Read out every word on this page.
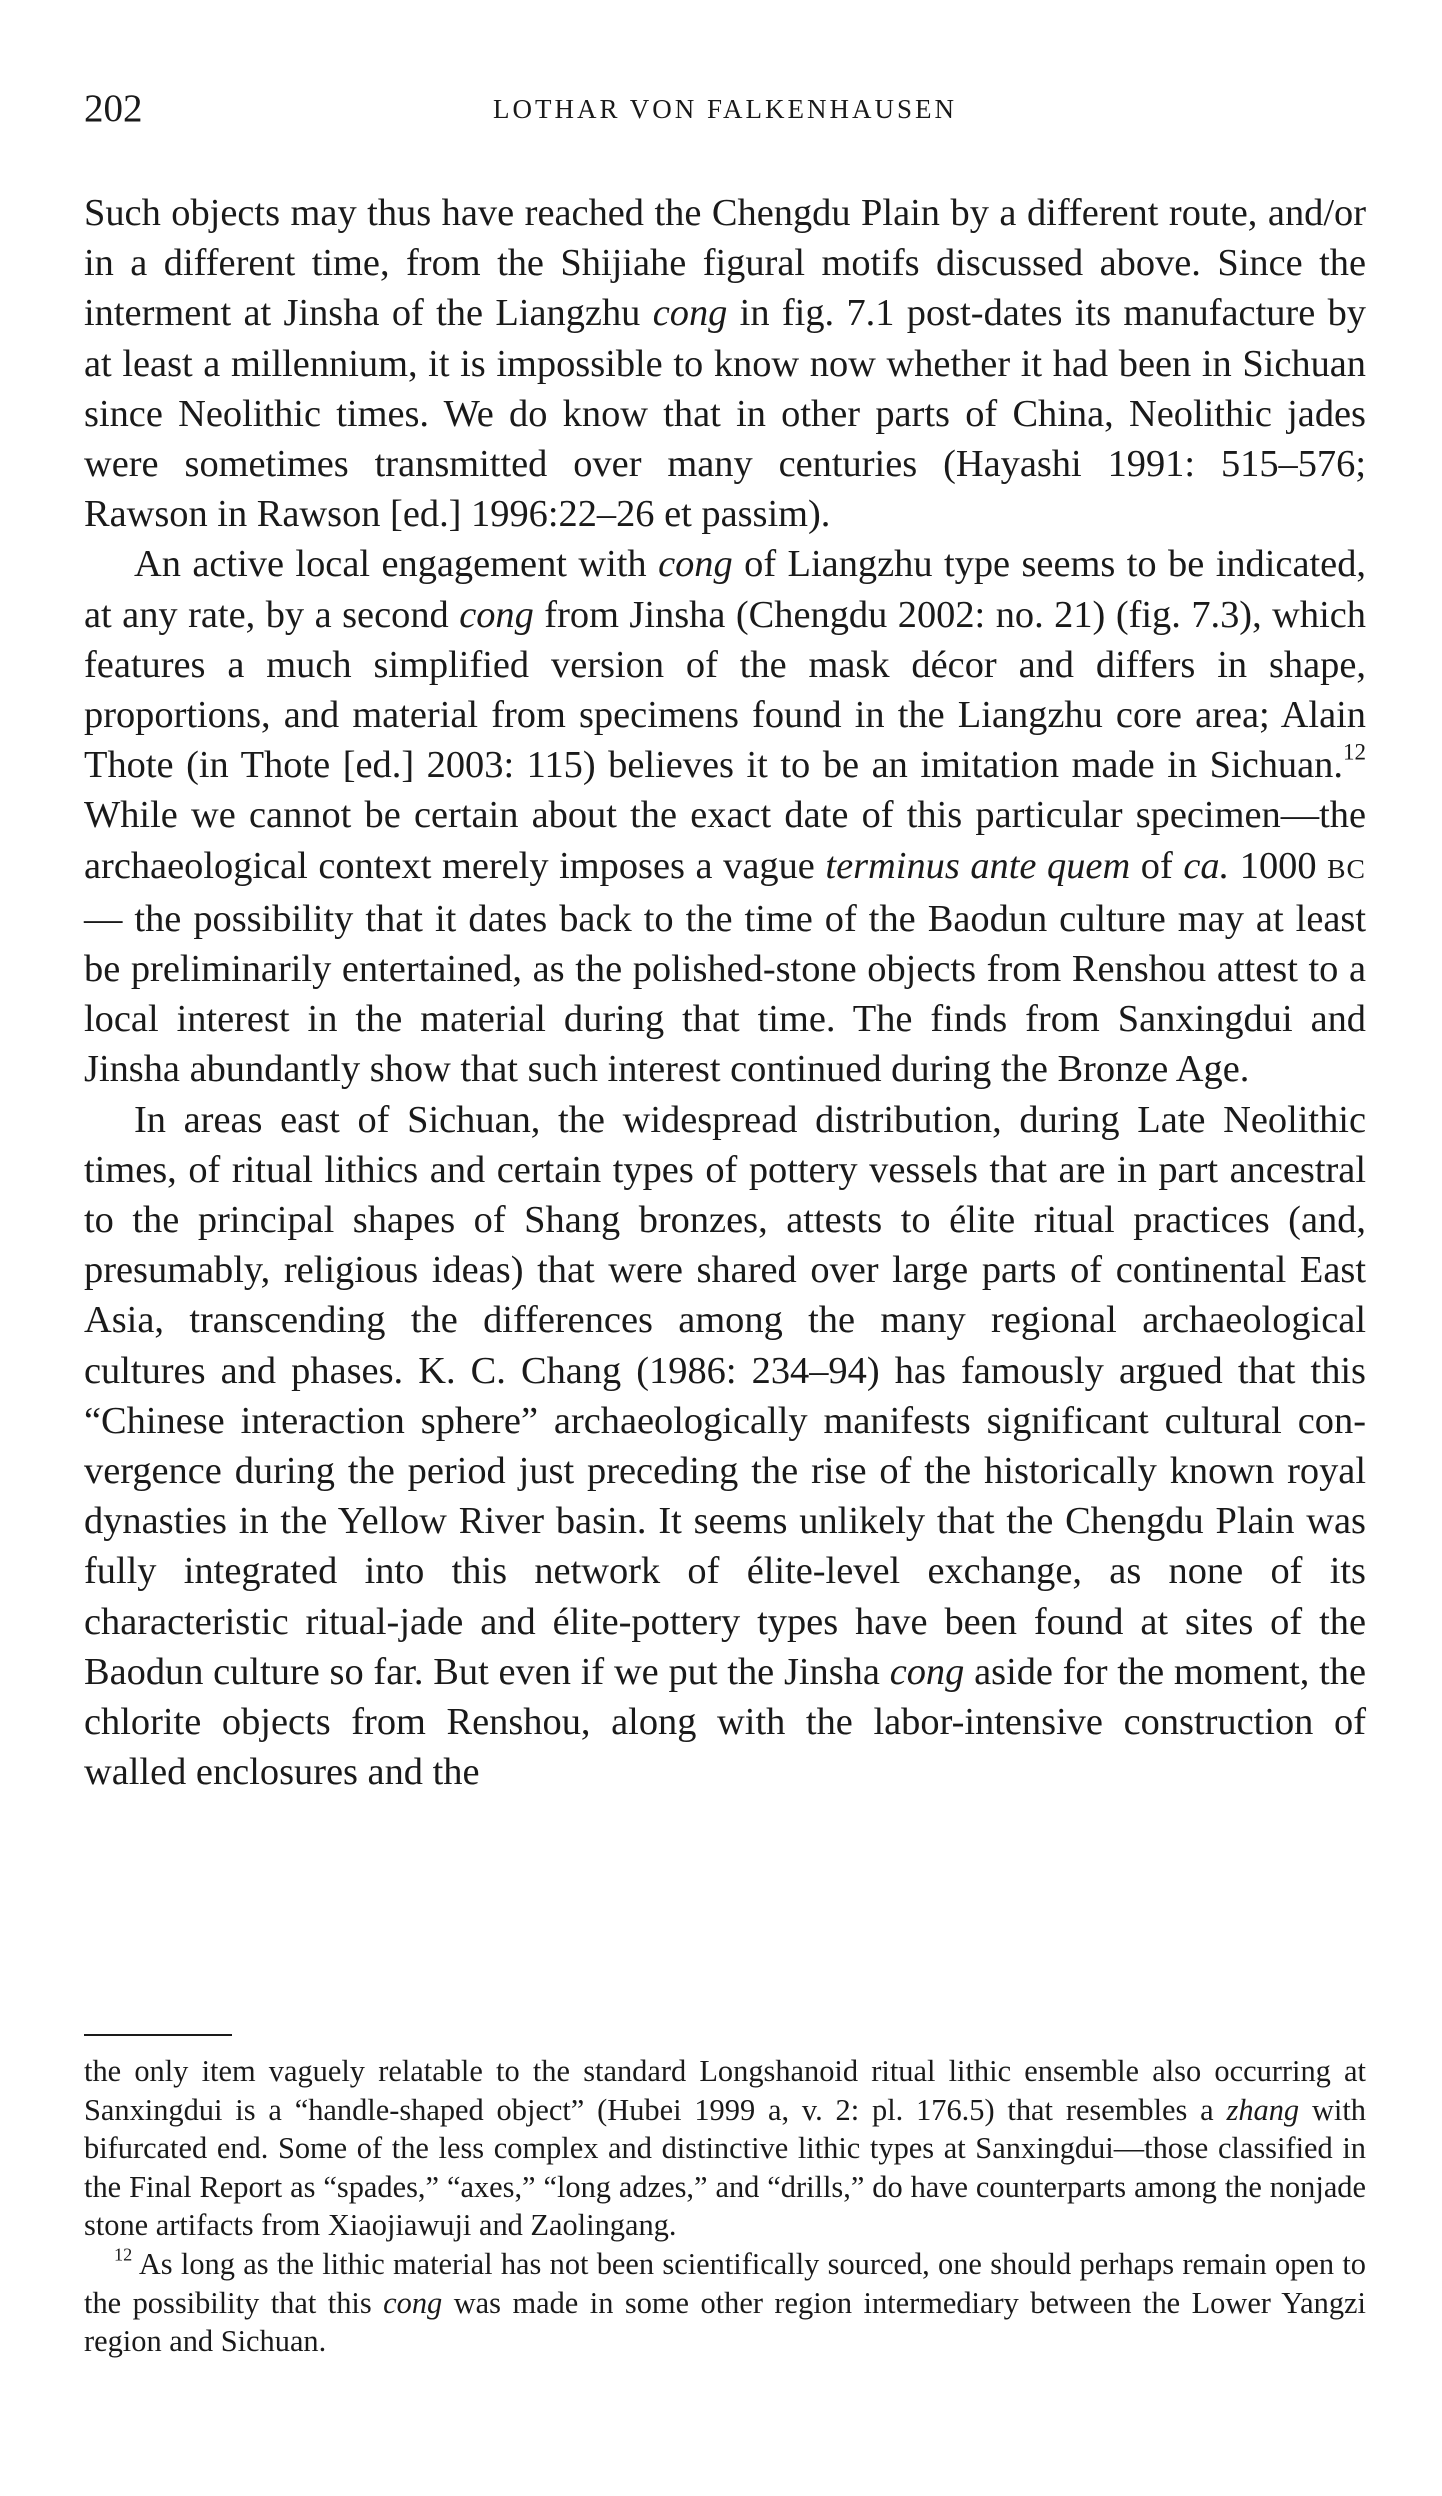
202	LOTHAR VON FALKENHAUSEN

Such objects may thus have reached the Chengdu Plain by a different route, and/or in a different time, from the Shijiahe figural motifs discussed above. Since the interment at Jinsha of the Liangzhu cong in fig. 7.1 post-dates its manufacture by at least a millennium, it is impossible to know now whether it had been in Sichuan since Neolithic times. We do know that in other parts of China, Neolithic jades were sometimes transmitted over many centuries (Hayashi 1991: 515–576; Rawson in Rawson [ed.] 1996:22–26 et passim).

An active local engagement with cong of Liangzhu type seems to be indicated, at any rate, by a second cong from Jinsha (Chengdu 2002: no. 21) (fig. 7.3), which features a much simplified version of the mask décor and differs in shape, proportions, and material from specimens found in the Liangzhu core area; Alain Thote (in Thote [ed.] 2003: 115) believes it to be an imitation made in Sichuan.$^{12}$ While we cannot be certain about the exact date of this particular specimen—the archaeological context merely imposes a vague terminus ante quem of ca. 1000 BC— the possibility that it dates back to the time of the Baodun culture may at least be preliminarily entertained, as the polished-stone objects from Renshou attest to a local interest in the material during that time. The finds from Sanxingdui and Jinsha abundantly show that such interest continued during the Bronze Age.

In areas east of Sichuan, the widespread distribution, during Late Neolithic times, of ritual lithics and certain types of pottery vessels that are in part ancestral to the principal shapes of Shang bronzes, attests to élite ritual practices (and, presumably, religious ideas) that were shared over large parts of continental East Asia, transcending the differences among the many regional archaeological cultures and phases. K. C. Chang (1986: 234–94) has famously argued that this “Chinese interaction sphere” archaeologically manifests significant cultural convergence during the period just preceding the rise of the historically known royal dynasties in the Yellow River basin. It seems unlikely that the Chengdu Plain was fully integrated into this network of élite-level exchange, as none of its characteristic ritual-jade and élite-pottery types have been found at sites of the Baodun culture so far. But even if we put the Jinsha cong aside for the moment, the chlorite objects from Renshou, along with the labor-intensive construction of walled enclosures and the

the only item vaguely relatable to the standard Longshanoid ritual lithic ensemble also occurring at Sanxingdui is a “handle-shaped object” (Hubei 1999 a, v. 2: pl. 176.5) that resembles a zhang with bifurcated end. Some of the less complex and distinctive lithic types at Sanxingdui—those classified in the Final Report as “spades,” “axes,” “long adzes,” and “drills,” do have counterparts among the nonjade stone artifacts from Xiaojiawuji and Zaolingang.

$^{12}$ As long as the lithic material has not been scientifically sourced, one should perhaps remain open to the possibility that this cong was made in some other region intermediary between the Lower Yangzi region and Sichuan.
